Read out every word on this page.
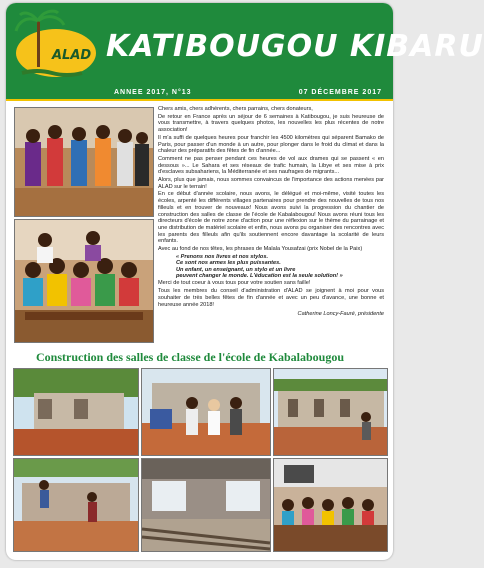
ALAD KATIBOUGOU KIBARU
ANNEE 2017, N°13	07 DÉCEMBRE 2017

Chers amis, chers adhérents, chers parrains, chers donateurs,

De retour en France après un séjour de 6 semaines à Katibougou, je suis heureuse de vous transmettre, à travers quelques photos, les nouvelles les plus récentes de notre association!

Il m'a suffi de quelques heures pour franchir les 4500 kilomètres qui séparent Bamako de Paris, pour passer d'un monde à un autre, pour plonger dans le froid du climat et dans la chaleur des préparatifs des fêtes de fin d'année...

Comment ne pas penser pendant ces heures de vol aux drames qui se passent « en dessous »... Le Sahara et ses réseaux de trafic humain, la Libye et ses mise à prix d'esclaves subsahariens, la Méditerranée et ses naufrages de migrants...

Alors, plus que jamais, nous sommes convaincus de l'importance des actions menées par ALAD sur le terrain!

En ce début d'année scolaire, nous avons, le délégué et moi-même, visité toutes les écoles, arpenté les différents villages partenaires pour prendre des nouvelles de tous nos filleuls et en trouver de nouveaux! Nous avons suivi la progression du chantier de construction des salles de classe de l'école de Kabalabougou! Nous avons réuni tous les directeurs d'école de notre zone d'action pour une réflexion sur le thème du parrainage et une distribution de matériel scolaire et enfin, nous avons pu organiser des rencontres avec les parents des filleuls afin qu'ils soutiennent encore davantage la scolarité de leurs enfants.

Avec au fond de nos têtes, les phrases de Malala Yousafzai (prix Nobel de la Paix)

« Prenons nos livres et nos stylos.
Ce sont nos armes les plus puissantes.
Un enfant, un enseignant, un stylo et un livre
peuvent changer le monde. L'éducation est la seule solution! »

Merci de tout coeur à vous tous pour votre soutien sans faille!

Tous les membres du conseil d'administration d'ALAD se joignent à moi pour vous souhaiter de très belles fêtes de fin d'année et avec un peu d'avance, une bonne et heureuse année 2018!

Catherine Loncy-Fauré, présidente
Construction des salles de classe de l'école de Kabalabougou
